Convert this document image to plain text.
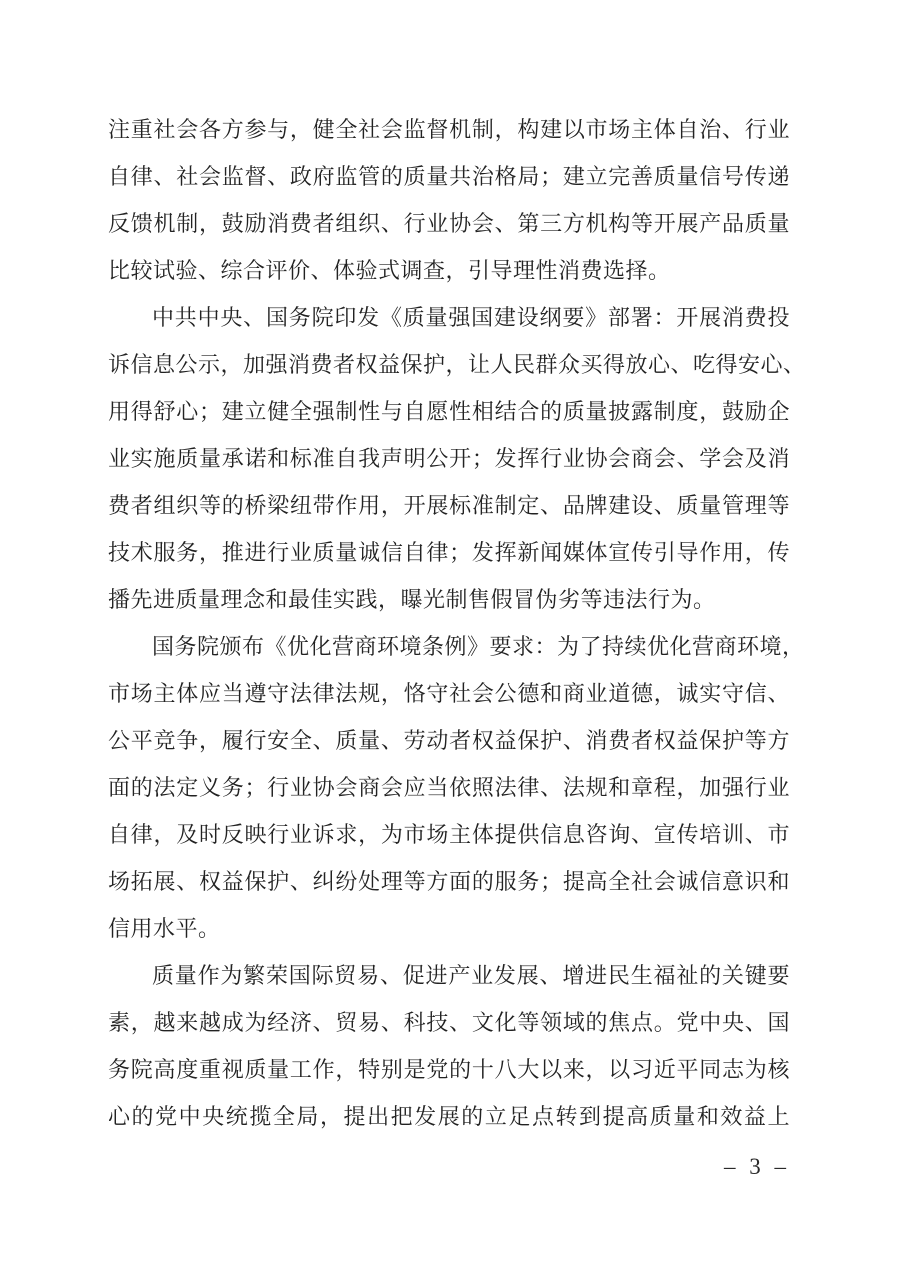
注重社会各方参与，健全社会监督机制，构建以市场主体自治、行业
自律、社会监督、政府监管的质量共治格局；建立完善质量信号传递
反馈机制，鼓励消费者组织、行业协会、第三方机构等开展产品质量
比较试验、综合评价、体验式调查，引导理性消费选择。
中共中央、国务院印发《质量强国建设纲要》部署：开展消费投
诉信息公示，加强消费者权益保护，让人民群众买得放心、吃得安心、
用得舒心；建立健全强制性与自愿性相结合的质量披露制度，鼓励企
业实施质量承诺和标准自我声明公开；发挥行业协会商会、学会及消
费者组织等的桥梁纽带作用，开展标准制定、品牌建设、质量管理等
技术服务，推进行业质量诚信自律；发挥新闻媒体宣传引导作用，传
播先进质量理念和最佳实践，曝光制售假冒伪劣等违法行为。
国务院颁布《优化营商环境条例》要求：为了持续优化营商环境，
市场主体应当遵守法律法规，恪守社会公德和商业道德，诚实守信、
公平竞争，履行安全、质量、劳动者权益保护、消费者权益保护等方
面的法定义务；行业协会商会应当依照法律、法规和章程，加强行业
自律，及时反映行业诉求，为市场主体提供信息咨询、宣传培训、市
场拓展、权益保护、纠纷处理等方面的服务；提高全社会诚信意识和
信用水平。
质量作为繁荣国际贸易、促进产业发展、增进民生福祉的关键要
素，越来越成为经济、贸易、科技、文化等领域的焦点。党中央、国
务院高度重视质量工作，特别是党的十八大以来，以习近平同志为核
心的党中央统揽全局，提出把发展的立足点转到提高质量和效益上
– 3 –
